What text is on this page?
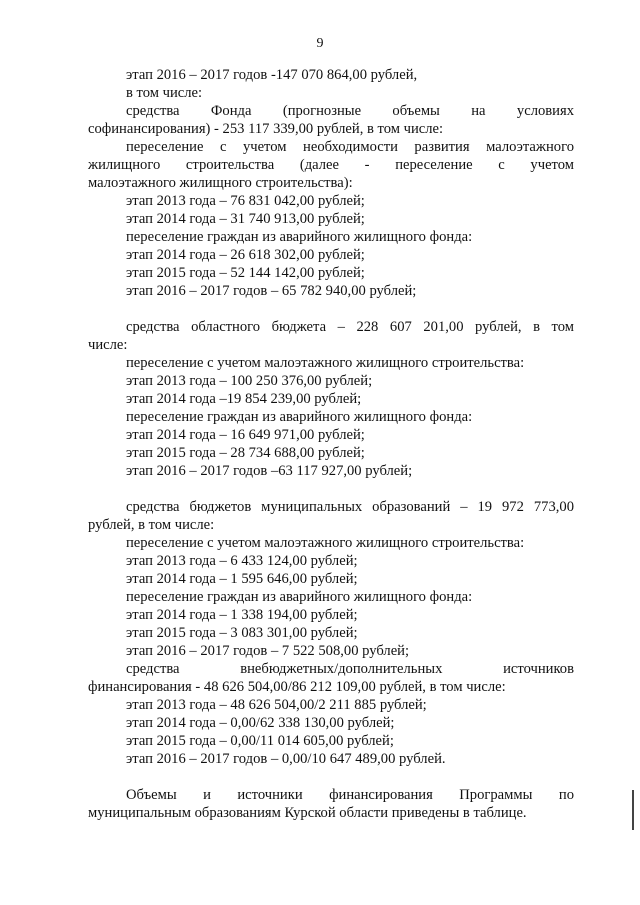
9
этап 2016 – 2017 годов -147 070 864,00 рублей,
в том числе:
средства Фонда (прогнозные объемы на условиях
софинансирования) - 253 117 339,00 рублей, в том числе:
переселение с учетом необходимости развития малоэтажного
жилищного строительства (далее - переселение с учетом
малоэтажного жилищного строительства):
этап 2013 года – 76 831 042,00 рублей;
этап 2014 года – 31 740 913,00 рублей;
переселение граждан из аварийного жилищного фонда:
этап 2014 года – 26 618 302,00 рублей;
этап 2015 года – 52 144 142,00 рублей;
этап 2016 – 2017 годов – 65 782 940,00 рублей;
средства областного бюджета – 228 607 201,00 рублей, в том
числе:
переселение с учетом малоэтажного жилищного строительства:
этап 2013 года – 100 250 376,00 рублей;
этап 2014 года –19 854 239,00 рублей;
переселение граждан из аварийного жилищного фонда:
этап 2014 года – 16 649 971,00 рублей;
этап 2015 года – 28 734 688,00 рублей;
этап 2016 – 2017 годов –63 117 927,00 рублей;
средства бюджетов муниципальных образований – 19 972 773,00
рублей, в том числе:
переселение с учетом малоэтажного жилищного строительства:
этап 2013 года – 6 433 124,00 рублей;
этап 2014 года – 1 595 646,00 рублей;
переселение граждан из аварийного жилищного фонда:
этап 2014 года – 1 338 194,00 рублей;
этап 2015 года – 3 083 301,00 рублей;
этап 2016 – 2017 годов – 7 522 508,00 рублей;
средства внебюджетных/дополнительных источников
финансирования - 48 626 504,00/86 212 109,00 рублей, в том числе:
этап 2013 года – 48 626 504,00/2 211 885 рублей;
этап 2014 года – 0,00/62 338 130,00 рублей;
этап 2015 года – 0,00/11 014 605,00 рублей;
этап 2016 – 2017 годов – 0,00/10 647 489,00 рублей.
Объемы и источники финансирования Программы по
муниципальным образованиям Курской области приведены в таблице.
